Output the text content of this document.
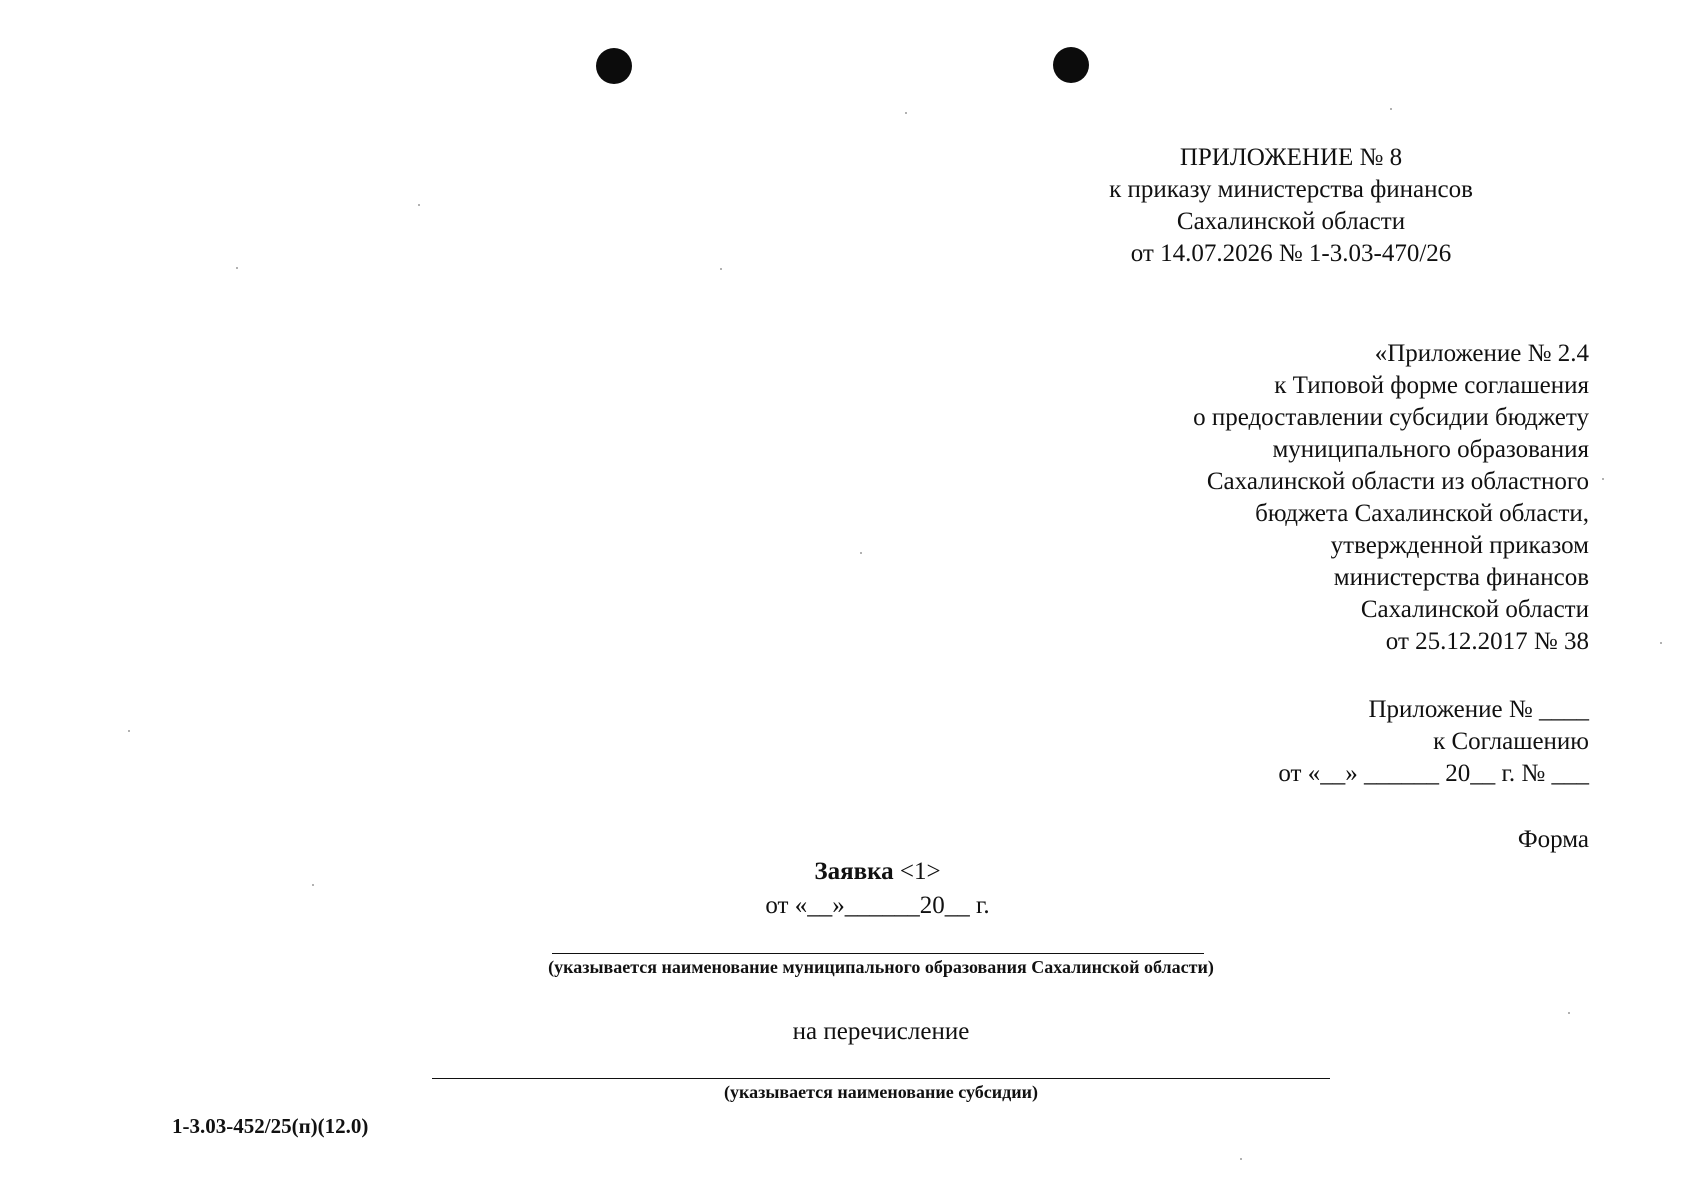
ПРИЛОЖЕНИЕ № 8
к приказу министерства финансов
Сахалинской области
от 14.07.2026 № 1-3.03-470/26
«Приложение № 2.4
к Типовой форме соглашения
о предоставлении субсидии бюджету
муниципального образования
Сахалинской области из областного
бюджета Сахалинской области,
утвержденной приказом
министерства финансов
Сахалинской области
от 25.12.2017 № 38
Приложение № ____
к Соглашению
от «__» ______ 20__ г. № ___
Форма
Заявка <1>
от «__»______20__ г.
(указывается наименование муниципального образования Сахалинской области)
на перечисление
(указывается наименование субсидии)
1-3.03-452/25(п)(12.0)
